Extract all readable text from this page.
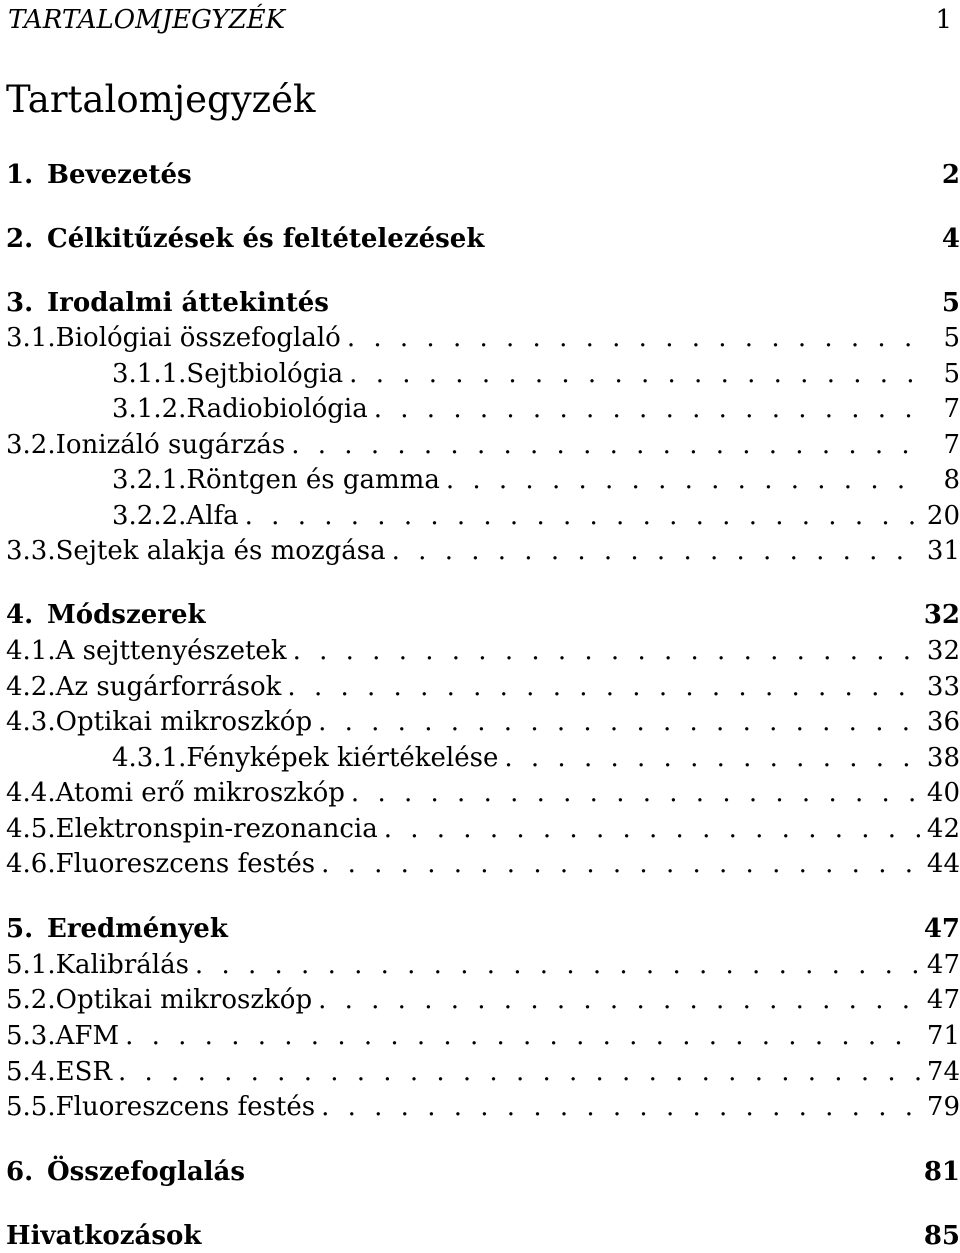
TARTALOMJEGYZÉK	1
Tartalomjegyzék
1. Bevezetés	2
2. Célkitűzések és feltételezések	4
3. Irodalmi áttekintés	5
3.1. Biológiai összefoglaló . . .	5
3.1.1. Sejtbiológia . . .	5
3.1.2. Radiobiológia . . .	7
3.2. Ionizáló sugárzás . . .	7
3.2.1. Röntgen és gamma . . .	8
3.2.2. Alfa . . .	20
3.3. Sejtek alakja és mozgása . . .	31
4. Módszerek	32
4.1. A sejttenyészetek . . .	32
4.2. Az sugárforrások . . .	33
4.3. Optikai mikroszkóp . . .	36
4.3.1. Fényképek kiértékelése . . .	38
4.4. Atomi erő mikroszkóp . . .	40
4.5. Elektronspin-rezonancia . . .	42
4.6. Fluoreszcens festés . . .	44
5. Eredmények	47
5.1. Kalibrálás . . .	47
5.2. Optikai mikroszkóp . . .	47
5.3. AFM . . .	71
5.4. ESR . . .	74
5.5. Fluoreszcens festés . . .	79
6. Összefoglalás	81
Hivatkozások	85
